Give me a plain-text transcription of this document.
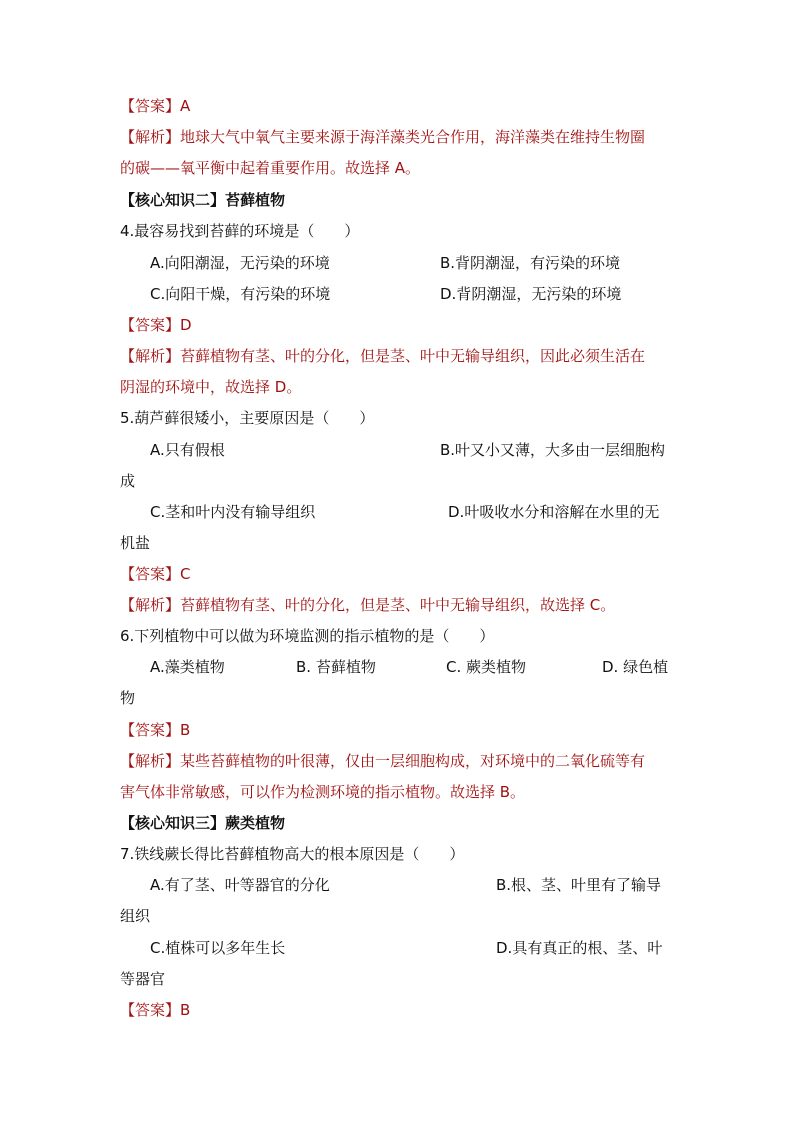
【答案】A
【解析】地球大气中氧气主要来源于海洋藻类光合作用，海洋藻类在维持生物圈
的碳——氧平衡中起着重要作用。故选择 A。
【核心知识二】苔藓植物
4.最容易找到苔藓的环境是（　　）
A.向阳潮湿，无污染的环境	B.背阴潮湿，有污染的环境
C.向阳干燥，有污染的环境	D.背阴潮湿，无污染的环境
【答案】D
【解析】苔藓植物有茎、叶的分化，但是茎、叶中无输导组织，因此必须生活在
阴湿的环境中，故选择 D。
5.葫芦藓很矮小，主要原因是（　　）
A.只有假根	B.叶又小又薄，大多由一层细胞构
成
C.茎和叶内没有输导组织	D.叶吸收水分和溶解在水里的无
机盐
【答案】C
【解析】苔藓植物有茎、叶的分化，但是茎、叶中无输导组织，故选择 C。
6.下列植物中可以做为环境监测的指示植物的是（　　）
A.藻类植物	B. 苔藓植物	C. 蕨类植物	D. 绿色植
物
【答案】B
【解析】某些苔藓植物的叶很薄，仅由一层细胞构成，对环境中的二氧化硫等有
害气体非常敏感，可以作为检测环境的指示植物。故选择 B。
【核心知识三】蕨类植物
7.铁线蕨长得比苔藓植物高大的根本原因是（　　）
A.有了茎、叶等器官的分化	B.根、茎、叶里有了输导
组织
C.植株可以多年生长	D.具有真正的根、茎、叶
等器官
【答案】B
